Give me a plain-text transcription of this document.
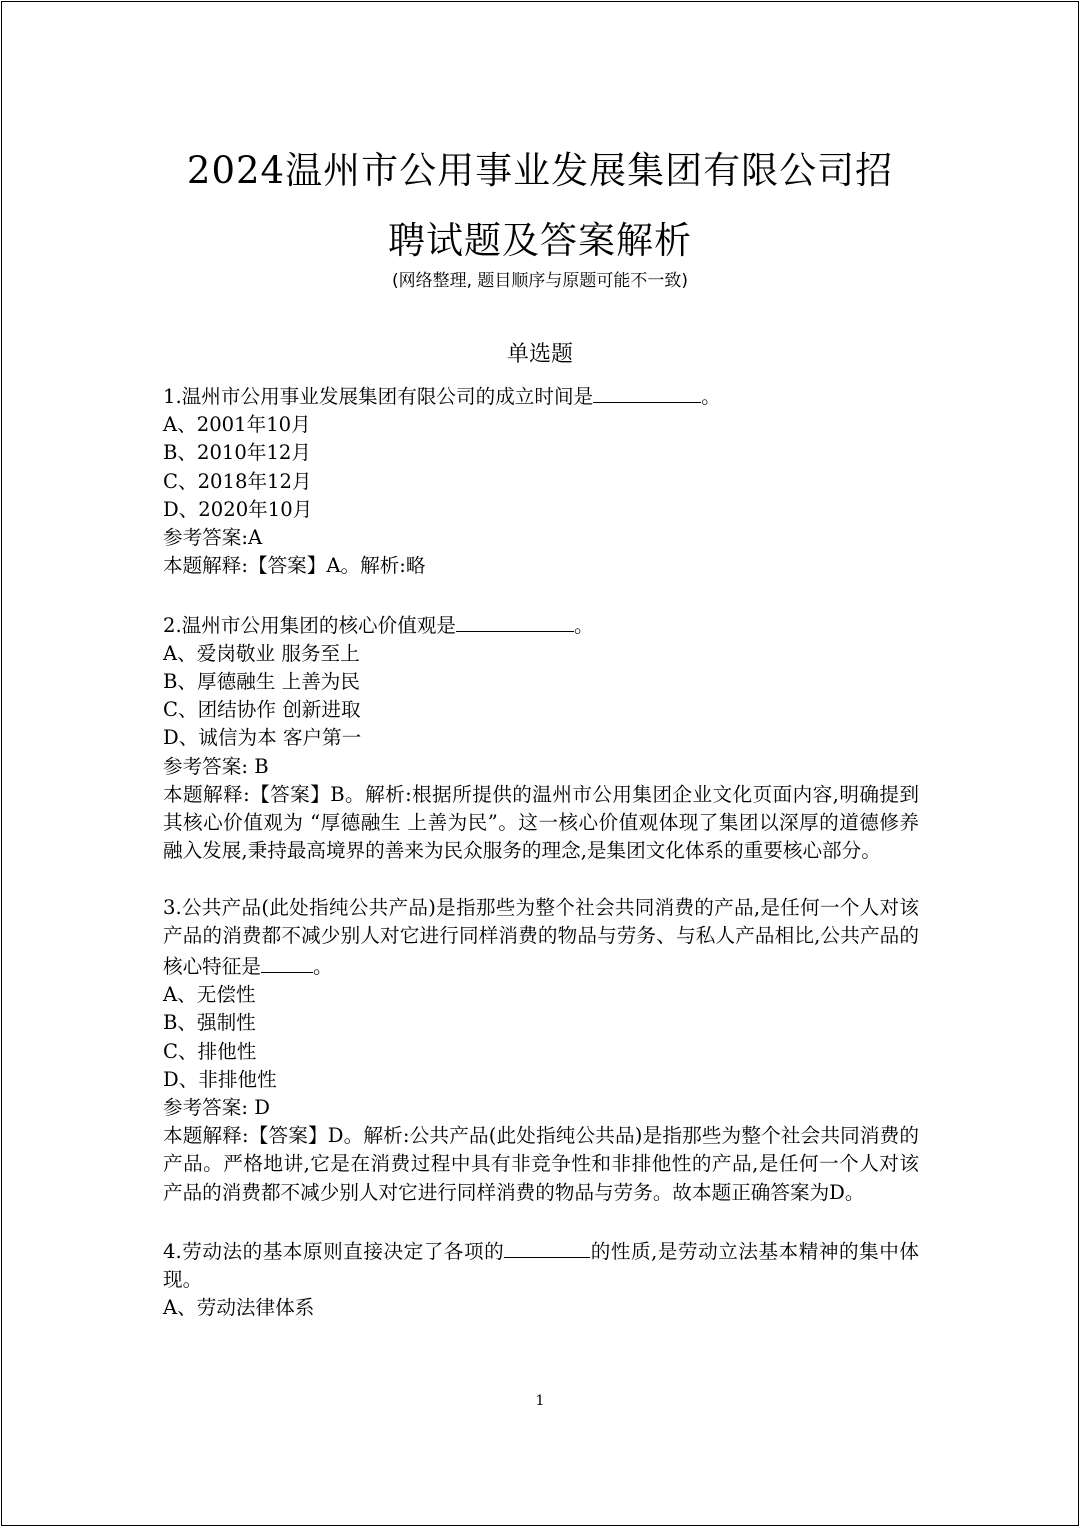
2024温州市公用事业发展集团有限公司招
聘试题及答案解析
(网络整理, 题目顺序与原题可能不一致)
单选题

1.温州市公用事业发展集团有限公司的成立时间是	。

A、2001年10月

B、2010年12月

C、2018年12月

D、2020年10月

参考答案:A

本题解释:【答案】A。解析:略

2.温州市公用集团的核心价值观是	。

A、爱岗敬业 服务至上

B、厚德融生 上善为民

C、团结协作 创新进取

D、诚信为本 客户第一

参考答案: B

本题解释:【答案】B。解析:根据所提供的温州市公用集团企业文化页面内容,明确提到其核心价值观为 “厚德融生 上善为民”。这一核心价值观体现了集团以深厚的道德修养融入发展,秉持最高境界的善来为民众服务的理念,是集团文化体系的重要核心部分。

3.公共产品(此处指纯公共产品)是指那些为整个社会共同消费的产品,是任何一个人对该产品的消费都不减少别人对它进行同样消费的物品与劳务、与私人产品相比,公共产品的核心特征是	。

A、无偿性

B、强制性

C、排他性

D、非排他性

参考答案: D

本题解释:【答案】D。解析:公共产品(此处指纯公共品)是指那些为整个社会共同消费的产品。严格地讲,它是在消费过程中具有非竞争性和非排他性的产品,是任何一个人对该产品的消费都不减少别人对它进行同样消费的物品与劳务。故本题正确答案为D。

4.劳动法的基本原则直接决定了各项的	的性质,是劳动立法基本精神的集中体现。

A、劳动法律体系

1
